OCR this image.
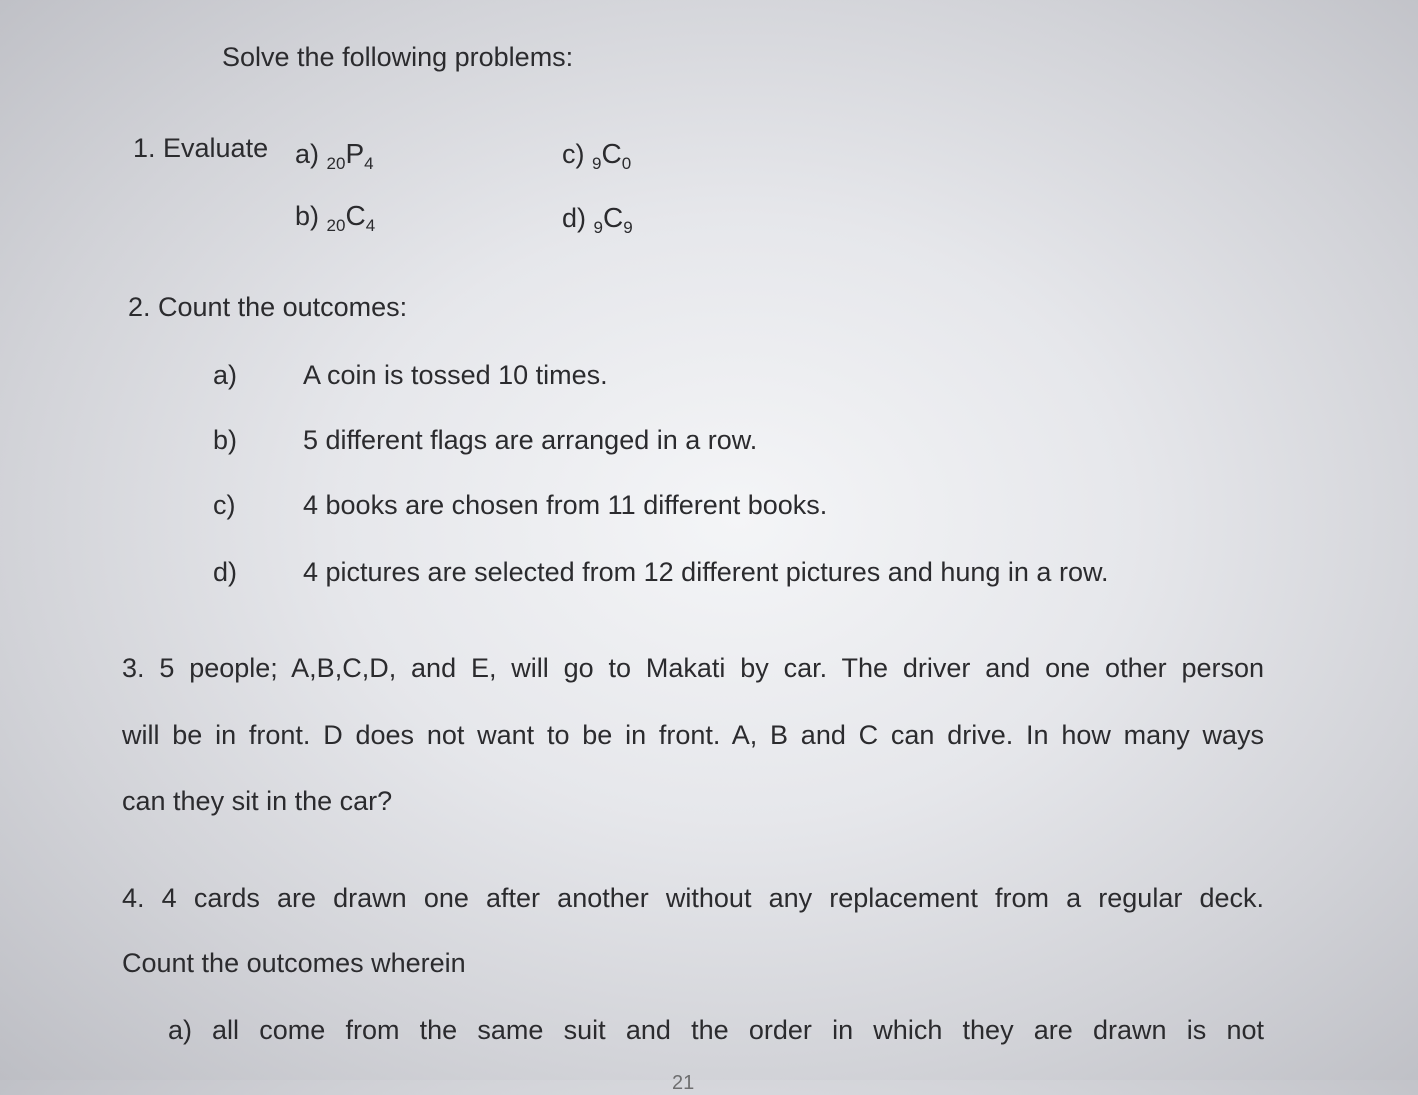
Solve the following problems:
1. Evaluate a) $_{20}P_4$
b) $_{20}C_4$
c) $_9C_0$
d) $_9C_9$
2. Count the outcomes:
a) A coin is tossed 10 times.
b) 5 different flags are arranged in a row.
c)	4 books are chosen from 11 different books.
d) 4 pictures are selected from 12 different pictures and hung in a row.
3. 5 people; A,B,C,D, and E, will go to Makati by car. The driver and one other person
will be in front. D does not want to be in front. A, B and C can drive. In how many ways
can they sit in the car?
4. 4 cards are drawn one after another without any replacement from a regular deck.
Count the outcomes wherein
a) all come from the same suit and the order in which they are drawn is not
21
